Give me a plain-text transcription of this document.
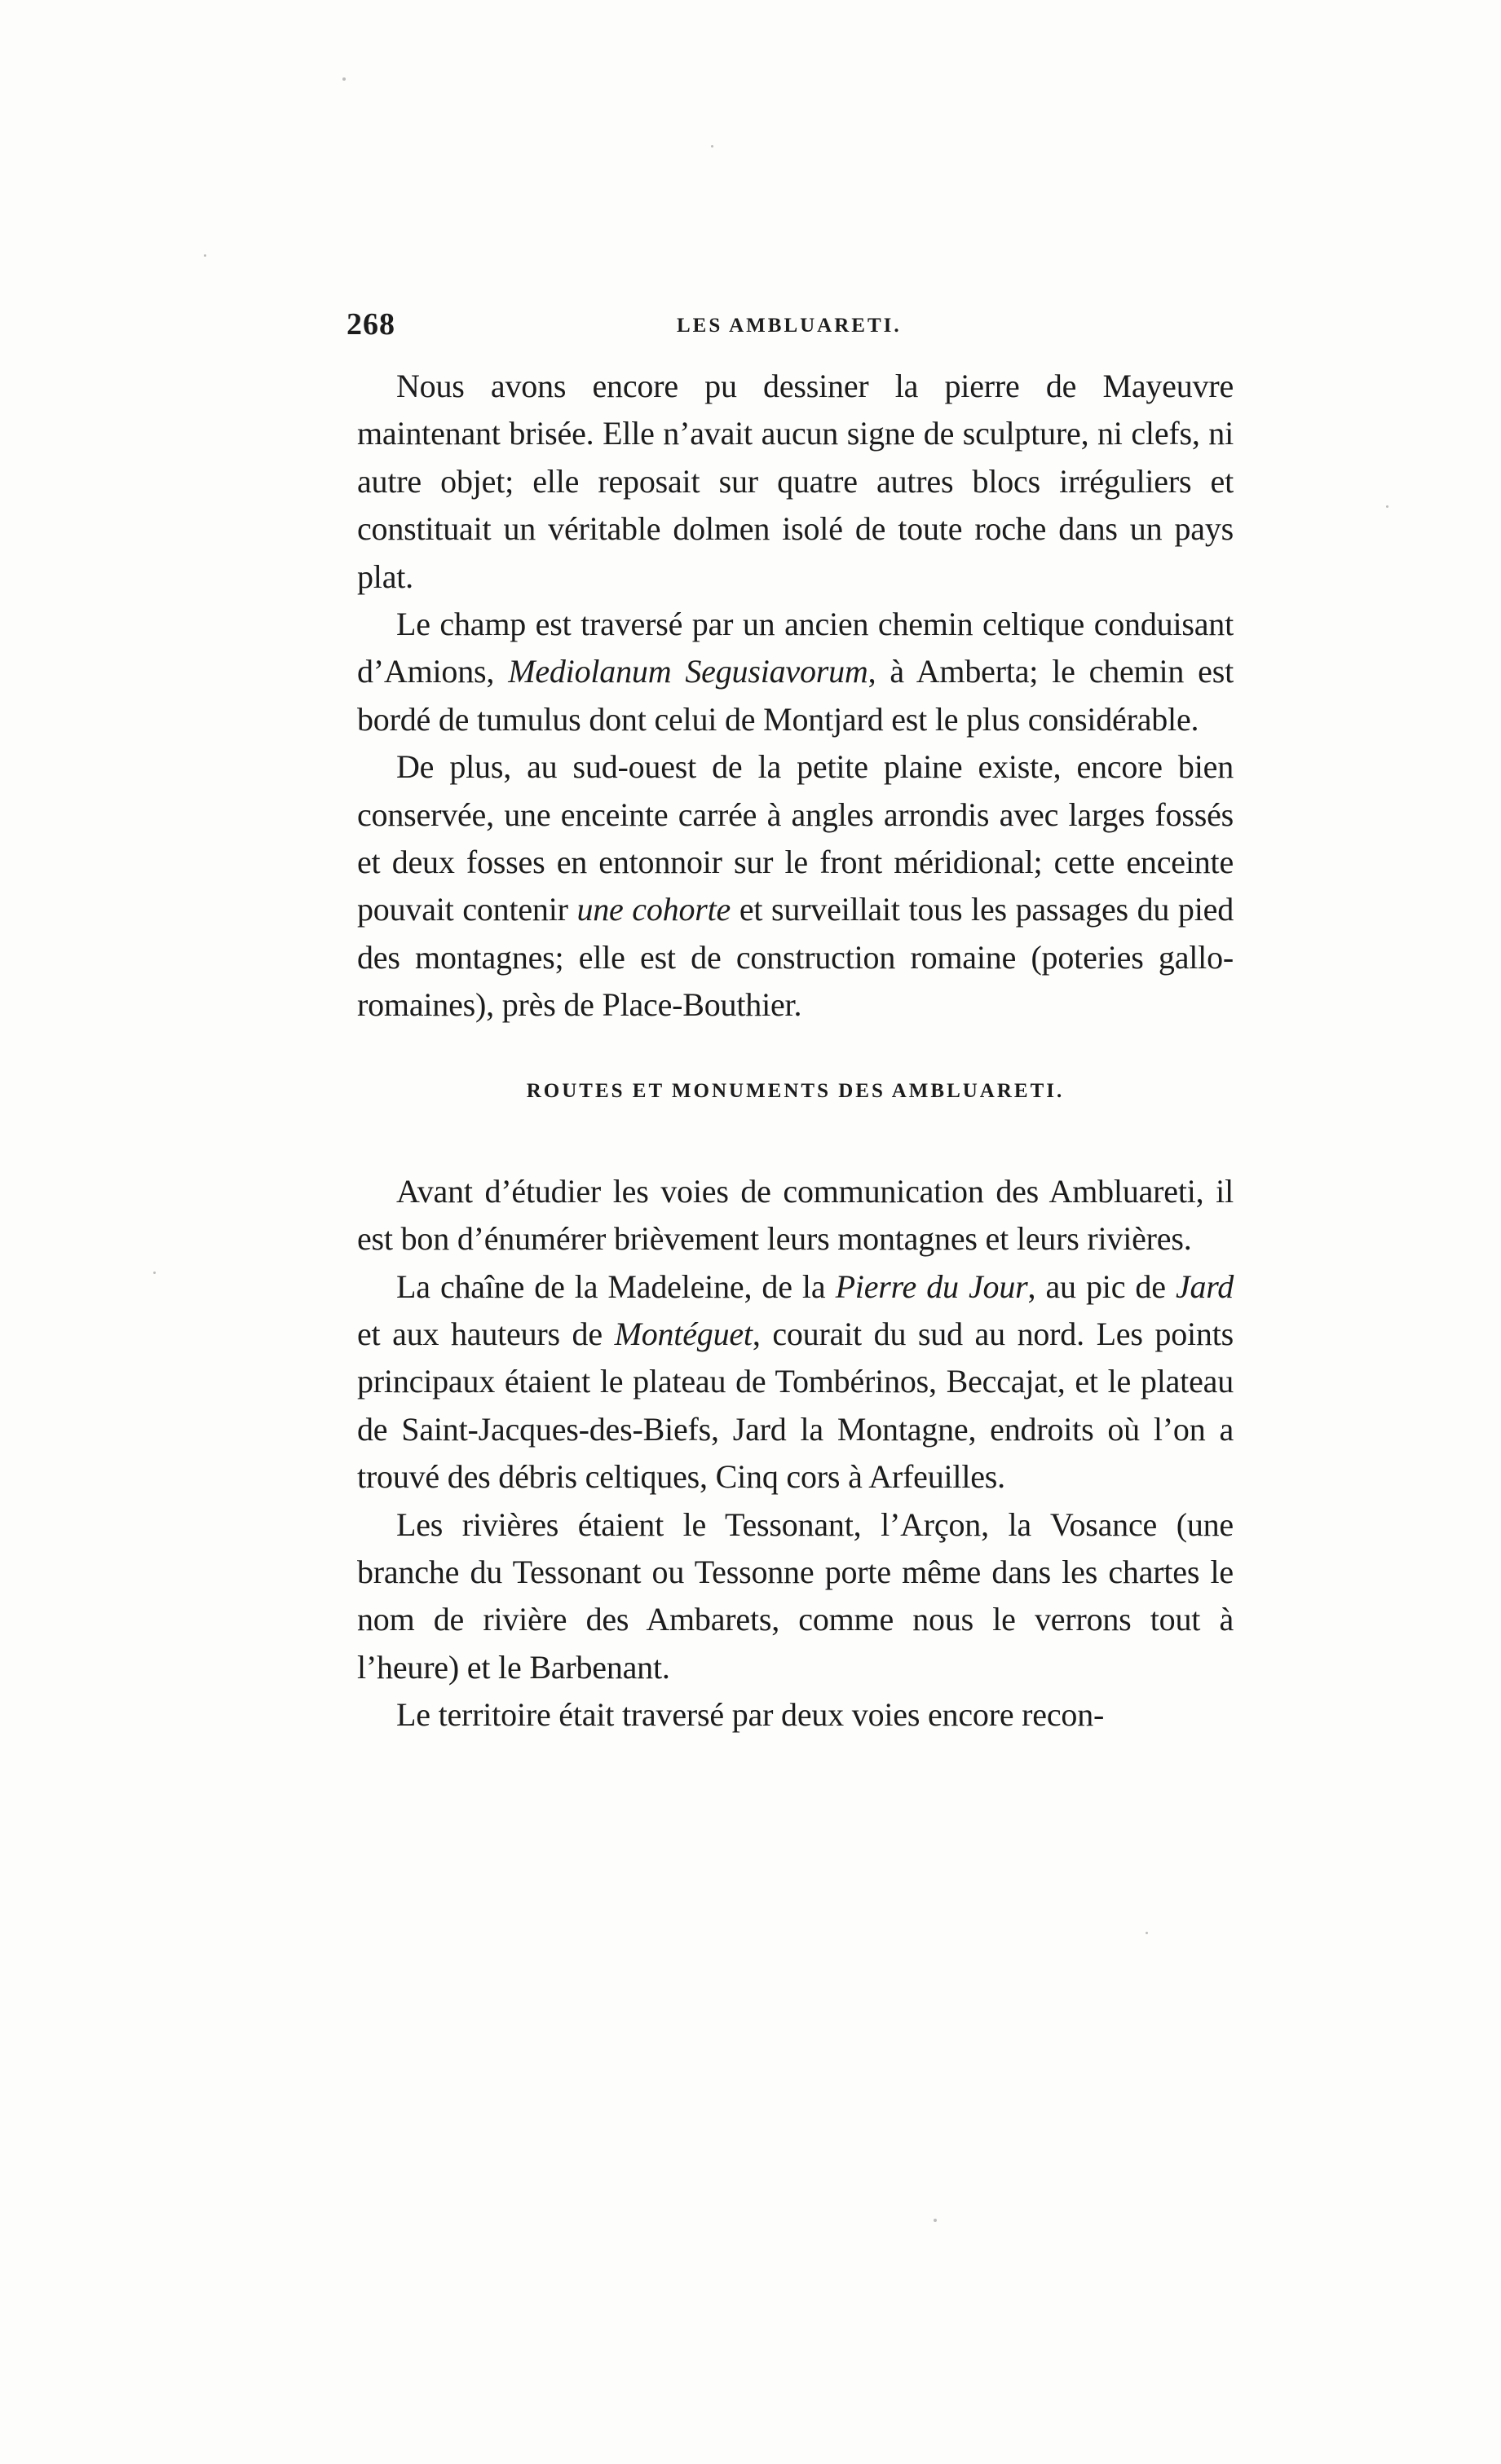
268	LES AMBLUARETI.

Nous avons encore pu dessiner la pierre de Mayeuvre maintenant brisée. Elle n’avait aucun signe de sculpture, ni clefs, ni autre objet; elle reposait sur quatre autres blocs irréguliers et constituait un véritable dolmen isolé de toute roche dans un pays plat.

Le champ est traversé par un ancien chemin celtique conduisant d’Amions, Mediolanum Segusiavorum, à Amberta; le chemin est bordé de tumulus dont celui de Montjard est le plus considérable.

De plus, au sud-ouest de la petite plaine existe, encore bien conservée, une enceinte carrée à angles arrondis avec larges fossés et deux fosses en entonnoir sur le front méridional; cette enceinte pouvait contenir une cohorte et surveillait tous les passages du pied des montagnes; elle est de construction romaine (poteries gallo-romaines), près de Place-Bouthier.

ROUTES ET MONUMENTS DES AMBLUARETI.

Avant d’étudier les voies de communication des Ambluareti, il est bon d’énumérer brièvement leurs montagnes et leurs rivières.

La chaîne de la Madeleine, de la Pierre du Jour, au pic de Jard et aux hauteurs de Montéguet, courait du sud au nord. Les points principaux étaient le plateau de Tombérinos, Beccajat, et le plateau de Saint-Jacques-des-Biefs, Jard la Montagne, endroits où l’on a trouvé des débris celtiques, Cinq cors à Arfeuilles.

Les rivières étaient le Tessonant, l’Arçon, la Vosance (une branche du Tessonant ou Tessonne porte même dans les chartes le nom de rivière des Ambarets, comme nous le verrons tout à l’heure) et le Barbenant.

Le territoire était traversé par deux voies encore recon-
